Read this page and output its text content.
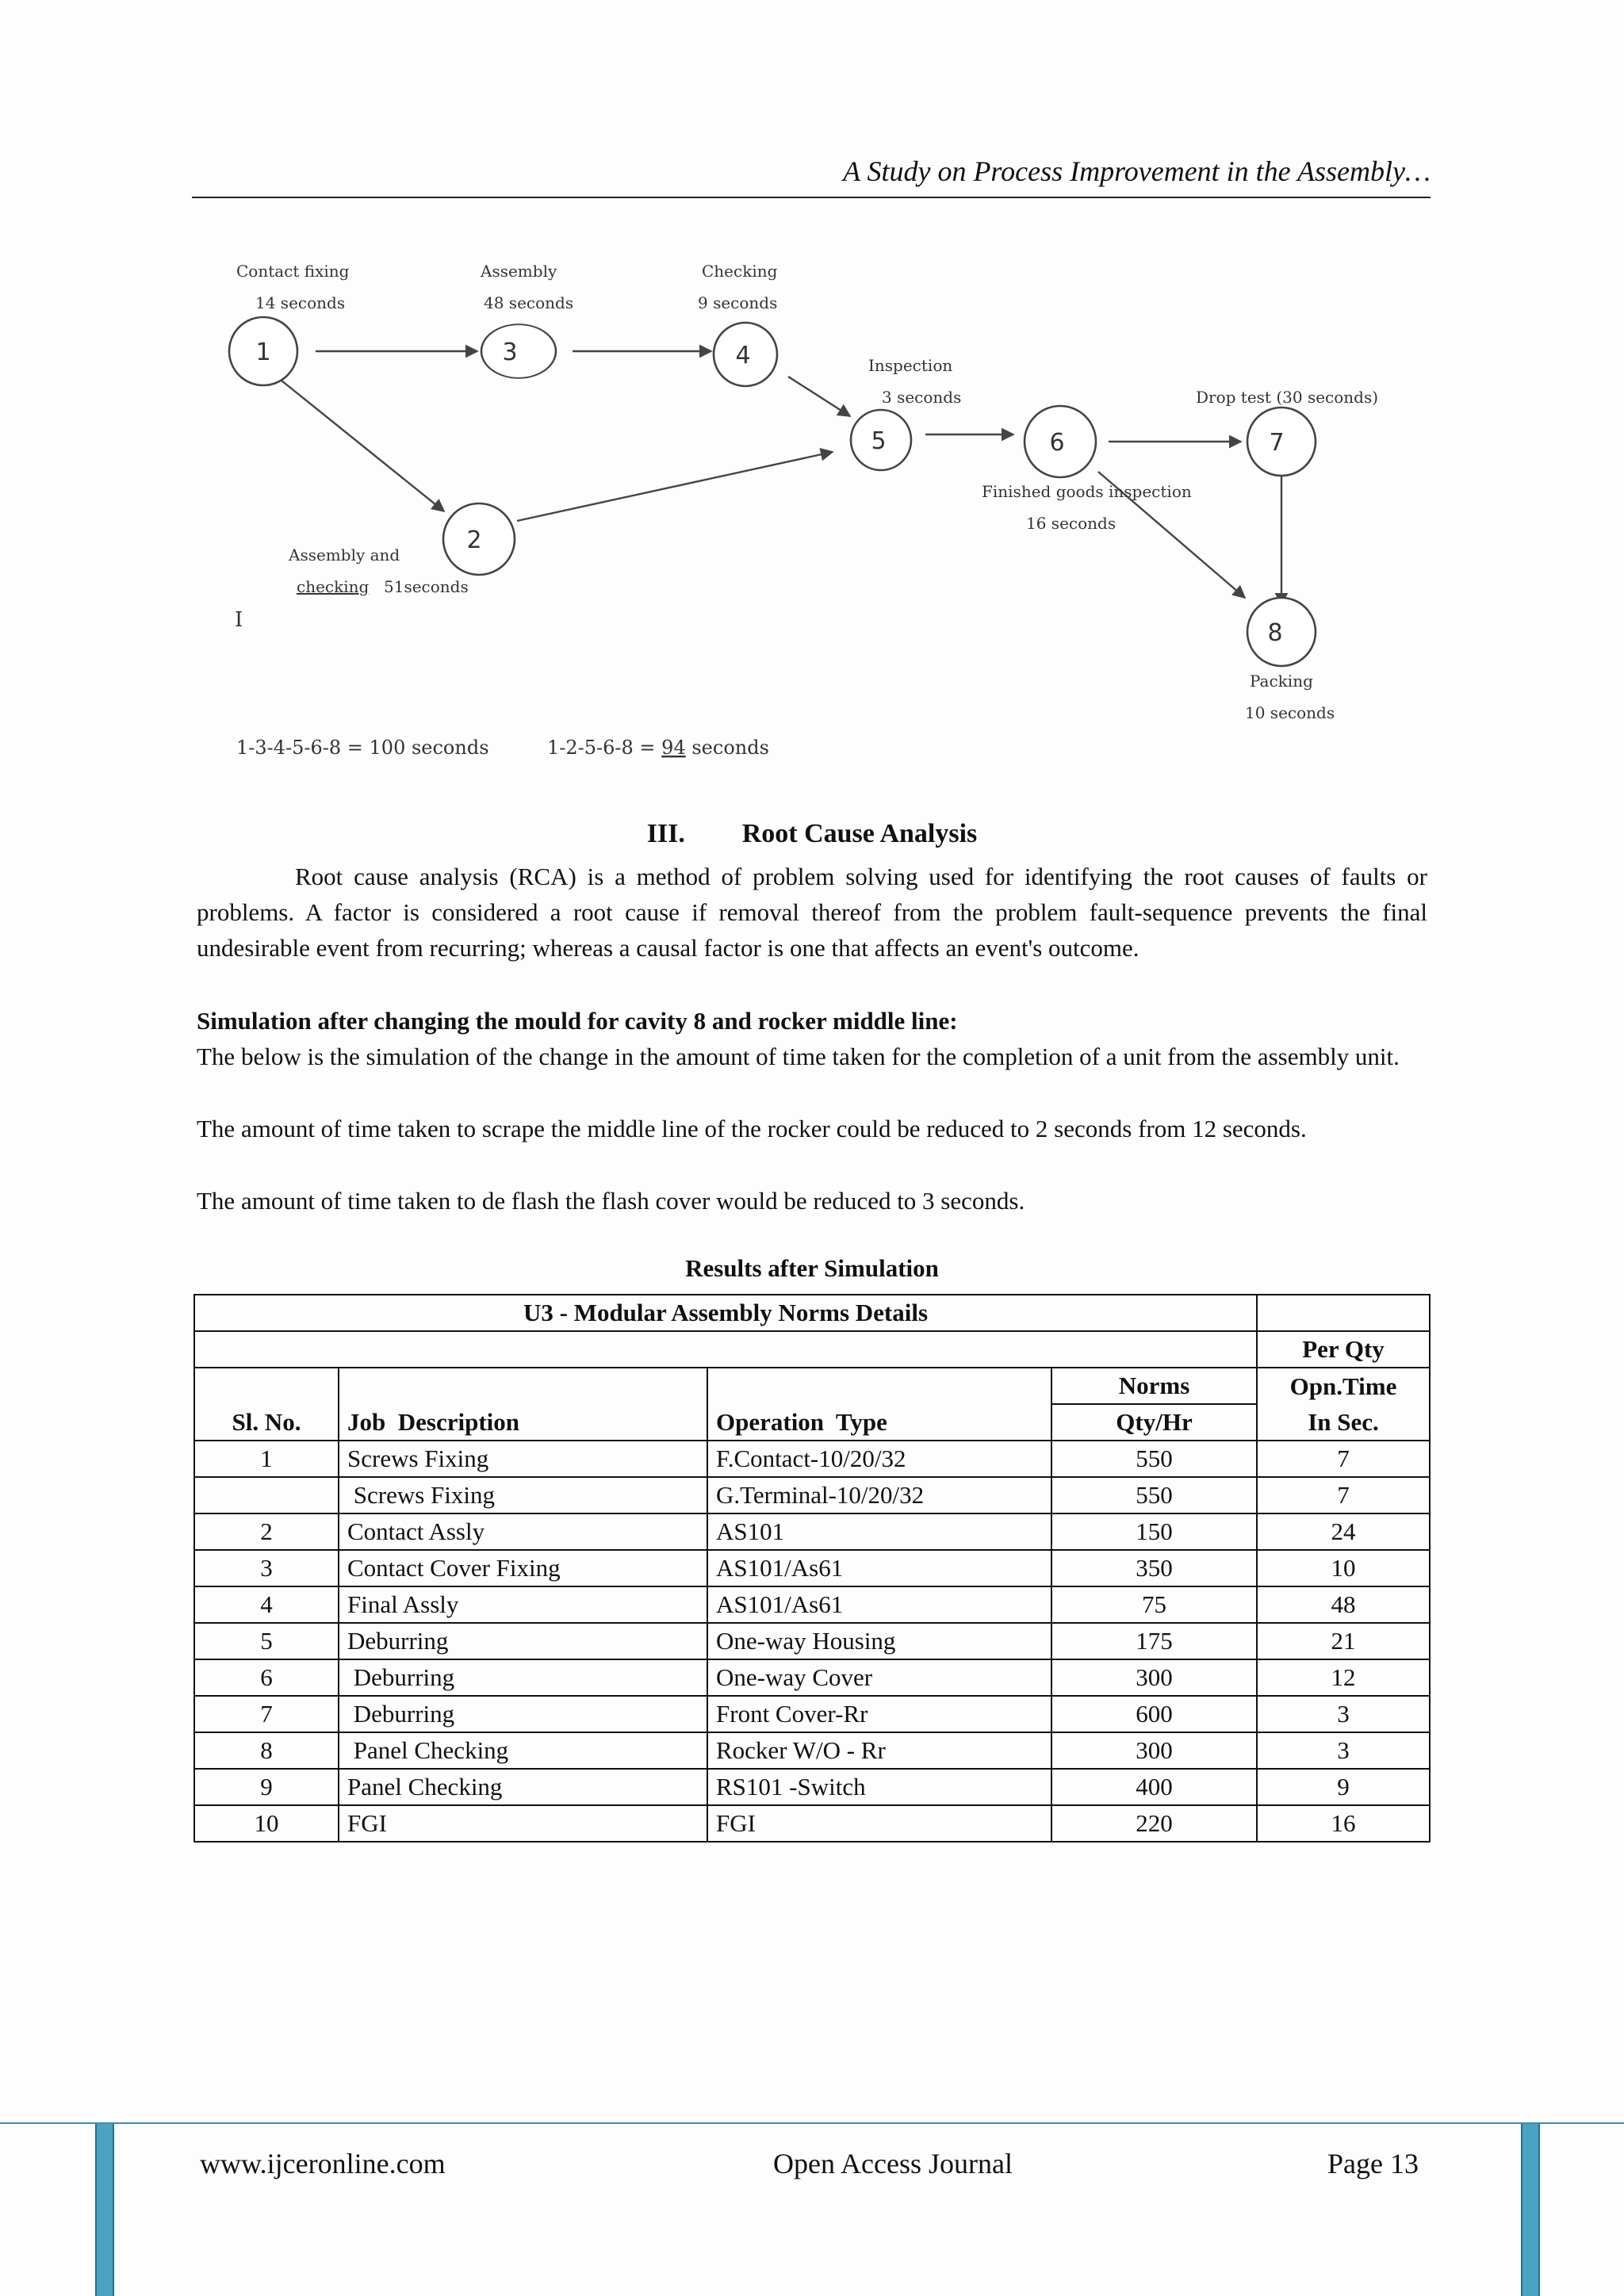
A Study on Process Improvement in the Assembly…
1	3	4
5	6	7
2
8
Contact fixing
14 seconds
Assembly
48 seconds
Checking
9 seconds
Inspection
3 seconds	Drop test (30 seconds)
Finished goods inspection
16 seconds
Assembly and
checking 51seconds
Packing
10 seconds
I
1-3-4-5-6-8 = 100 seconds	1-2-5-6-8 = 94 seconds
III. Root Cause Analysis

Root cause analysis (RCA) is a method of problem solving used for identifying the root causes of faults or problems. A factor is considered a root cause if removal thereof from the problem fault-sequence prevents the final undesirable event from recurring; whereas a causal factor is one that affects an event's outcome.

Simulation after changing the mould for cavity 8 and rocker middle line:

The below is the simulation of the change in the amount of time taken for the completion of a unit from the assembly unit.

The amount of time taken to scrape the middle line of the rocker could be reduced to 2 seconds from 12 seconds.

The amount of time taken to de flash the flash cover would be reduced to 3 seconds.

Results after Simulation
U3 - Modular Assembly Norms Details				
				Per Qty
			Norms	Opn.Time
Sl. No.	Job  Description	Operation  Type	Qty/Hr	In Sec.
1	Screws Fixing	F.Contact-10/20/32	550	7
	Screws Fixing	G.Terminal-10/20/32	550	7
2	Contact Assly	AS101	150	24
3	Contact Cover Fixing	AS101/As61	350	10
4	Final Assly	AS101/As61	75	48
5	Deburring	One-way Housing	175	21
6	Deburring	One-way Cover	300	12
7	Deburring	Front Cover-Rr	600	3
8	Panel Checking	Rocker W/O - Rr	300	3
9	Panel Checking	RS101 -Switch	400	9
10	FGI	FGI	220	16
www.ijceronline.com	Open Access Journal	Page 13
